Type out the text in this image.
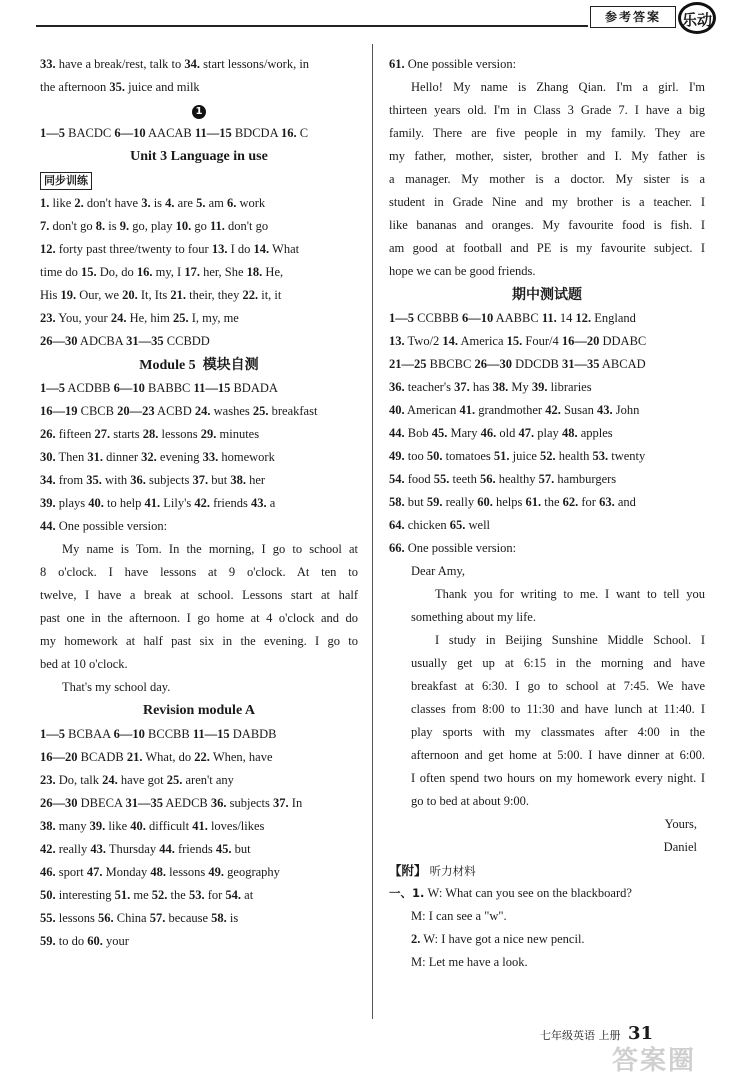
参考答案	乐动
33. have a break/rest, talk to 34. start lessons/work, in
the afternoon 35. juice and milk
1
1—5 BACDC 6—10 AACAB 11—15 BDCDA 16. C
Unit 3 Language in use
同步训练
1. like 2. don't have 3. is 4. are 5. am 6. work
7. don't go 8. is 9. go, play 10. go 11. don't go
12. forty past three/twenty to four 13. I do 14. What
time do 15. Do, do 16. my, I 17. her, She 18. He,
His 19. Our, we 20. It, Its 21. their, they 22. it, it
23. You, your 24. He, him 25. I, my, me
26—30 ADCBA 31—35 CCBDD
Module 5 模块自测
1—5 ACDBB 6—10 BABBC 11—15 BDADA
16—19 CBCB 20—23 ACBD 24. washes 25. breakfast
26. fifteen 27. starts 28. lessons 29. minutes
30. Then 31. dinner 32. evening 33. homework
34. from 35. with 36. subjects 37. but 38. her
39. plays 40. to help 41. Lily's 42. friends 43. a
44. One possible version:
My name is Tom. In the morning, I go to school at
8 o'clock. I have lessons at 9 o'clock. At ten to
twelve, I have a break at school. Lessons start at half
past one in the afternoon. I go home at 4 o'clock and do
my homework at half past six in the evening. I go to
bed at 10 o'clock.
That's my school day.
Revision module A
1—5 BCBAA 6—10 BCCBB 11—15 DABDB
16—20 BCADB 21. What, do 22. When, have
23. Do, talk 24. have got 25. aren't any
26—30 DBECA 31—35 AEDCB 36. subjects 37. In
38. many 39. like 40. difficult 41. loves/likes
42. really 43. Thursday 44. friends 45. but
46. sport 47. Monday 48. lessons 49. geography
50. interesting 51. me 52. the 53. for 54. at
55. lessons 56. China 57. because 58. is
59. to do 60. your
61. One possible version:
Hello! My name is Zhang Qian. I'm a girl. I'm
thirteen years old. I'm in Class 3 Grade 7. I have a big
family. There are five people in my family. They are
my father, mother, sister, brother and I. My father is
a manager. My mother is a doctor. My sister is a
student in Grade Nine and my brother is a teacher. I
like bananas and oranges. My favourite food is fish. I
am good at football and PE is my favourite subject. I
hope we can be good friends.
期中测试题
1—5 CCBBB 6—10 AABBC 11. 14 12. England
13. Two/2 14. America 15. Four/4 16—20 DDABC
21—25 BBCBC 26—30 DDCDB 31—35 ABCAD
36. teacher's 37. has 38. My 39. libraries
40. American 41. grandmother 42. Susan 43. John
44. Bob 45. Mary 46. old 47. play 48. apples
49. too 50. tomatoes 51. juice 52. health 53. twenty
54. food 55. teeth 56. healthy 57. hamburgers
58. but 59. really 60. helps 61. the 62. for 63. and
64. chicken 65. well
66. One possible version:
Dear Amy,
Thank you for writing to me. I want to tell you
something about my life.
I study in Beijing Sunshine Middle School. I
usually get up at 6:15 in the morning and have
breakfast at 6:30. I go to school at 7:45. We have
classes from 8:00 to 11:30 and have lunch at 11:40. I
play sports with my classmates after 4:00 in the
afternoon and get home at 5:00. I have dinner at 6:00.
I often spend two hours on my homework every night. I
go to bed at about 9:00.
Yours,
Daniel
【附】 听力材料
一、1. W: What can you see on the blackboard?
M: I can see a "w".
2. W: I have got a nice new pencil.
M: Let me have a look.
七年级英语 上册 31
答案圈
